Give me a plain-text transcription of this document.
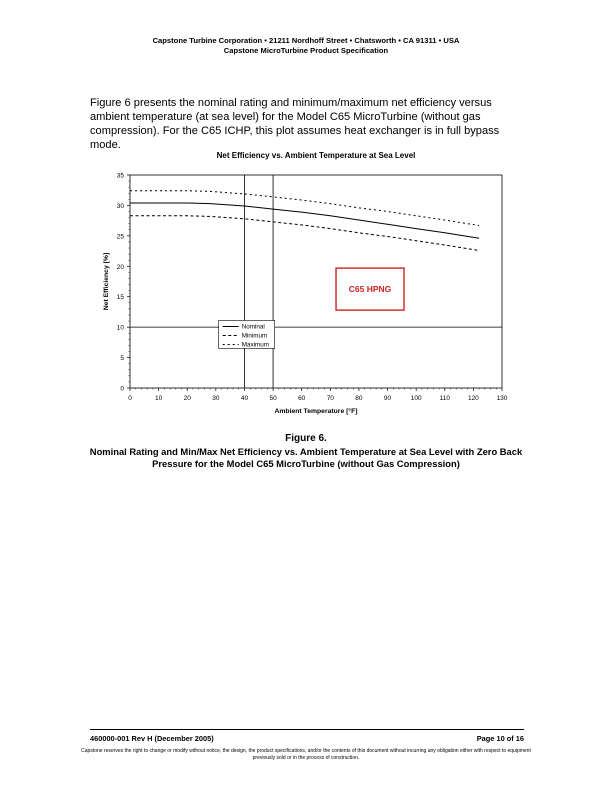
Capstone Turbine Corporation • 21211 Nordhoff Street • Chatsworth • CA 91311 • USA
Capstone MicroTurbine Product Specification
Figure 6 presents the nominal rating and minimum/maximum net efficiency versus ambient temperature (at sea level) for the Model C65 MicroTurbine (without gas compression). For the C65 ICHP, this plot assumes heat exchanger is in full bypass mode.
Net Efficiency vs. Ambient Temperature at Sea Level
0
5
10
15
20
25
30
35
0	10	20	30	40	50	60	70	80	90	100	110	120	130
Ambient Temperature [°F]
Net Efficiency [%]
Nominal
Minimum
Maximum
C65 HPNG
Figure 6.
Nominal Rating and Min/Max Net Efficiency vs. Ambient Temperature at Sea Level with Zero Back Pressure for the Model C65 MicroTurbine (without Gas Compression)
460000-001 Rev H (December 2005)	Page 10 of 16
Capstone reserves the right to change or modify without notice, the design, the product specifications, and/or the contents of this document without incurring any obligation either with respect to equipment previously sold or in the process of construction.
